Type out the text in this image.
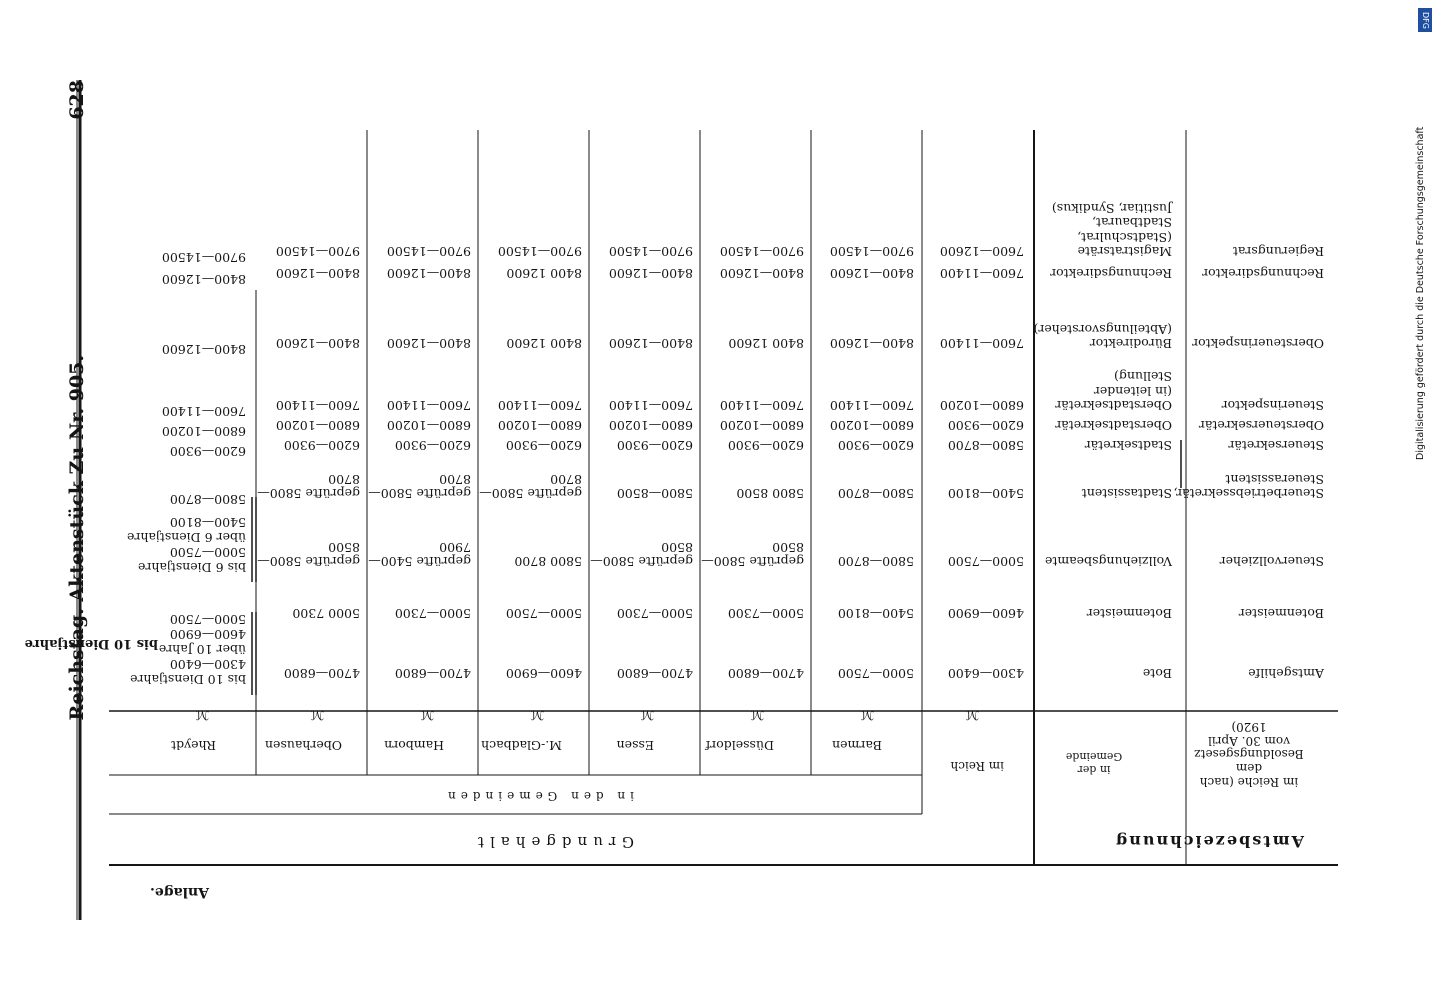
Amtsbezeichnung
im Reiche (nach dem Besoldungsgesetz vom 30. April 1920)
in der Gemeinde
Grundgehalt
in den Gemeinden
im Reich
Barmen
Düsseldorf
Essen
M.-Gladbach
Hamborn
Oberhausen
Rheydt
bis 10 Dienstjahre
Amtsgehilfe
Bote
4300—6400
5000—7500
4700—6800
4700—6800
4600—6900
4700—6800
4700—6800
bis 10 Dienstjahre
4300—6400
über 10 Jahre
4600—6900
Botenmeister
Botenmeister
4600—6900
5400—8100
5000—7300
5000—7300
5000—7500
5000—7300
5000 7300
5000—7500
Steuervollzieher
Vollziehungsbeamte
5000—7500
5800—8700
geprüfte 5800—8500
geprüfte 5800—8500
5800 8700
geprüfte 5400—7900
geprüfte 5800—8500
bis 6 Dienstjahre
5000—7500
über 6 Dienstjahre
5400—8100
Steuerbetriebssekretär, Steuerassistent
Stadtassistent
5400—8100
5800—8700
5800 8500
5800—8500
geprüfte 5800—8700
geprüfte 5800—8700
geprüfte 5800—8700
5800—8700
Steuersekretär
Stadtsekretär
5800—8700
6200—9300
6200—9300
6200—9300
6200—9300
6200—9300
6200—9300
6200—9300
Obersteuersekretär
Oberstadtsekretär
6200—9300
6800—10200
6800—10200
6800—10200
6800—10200
6800—10200
6800—10200
6800—10200
Steuerinspektor
Oberstadtsekretär (in leitender Stellung)
6800—10200
7600—11400
7600—11400
7600—11400
7600—11400
7600—11400
7600—11400
7600—11400
Obersteuerinspektor
Bürodirektor (Abteilungsvorsteher)
7600—11400
8400—12600
8400 12600
8400—12600
8400 12600
8400—12600
8400—12600
8400—12600
Rechnungsdirektor
Rechnungsdirektor
7600—11400
8400—12600
8400—12600
8400—12600
8400 12600
8400—12600
8400—12600
8400—12600
Regierungsrat
Magistratsräte (Stadtschulrat, Stadtbaurat, Justitiar, Syndikus)
7600—12600
9700—14500
9700—14500
9700—14500
9700—14500
9700—14500
9700—14500
9700—14500
ℳ
ℳ
ℳ
ℳ
ℳ
ℳ
ℳ
ℳ
Anlage.
628
Reichstag. Aktenstück Zu Nr. 905.
DFG
Digitalisierung gefördert durch die Deutsche Forschungsgemeinschaft
